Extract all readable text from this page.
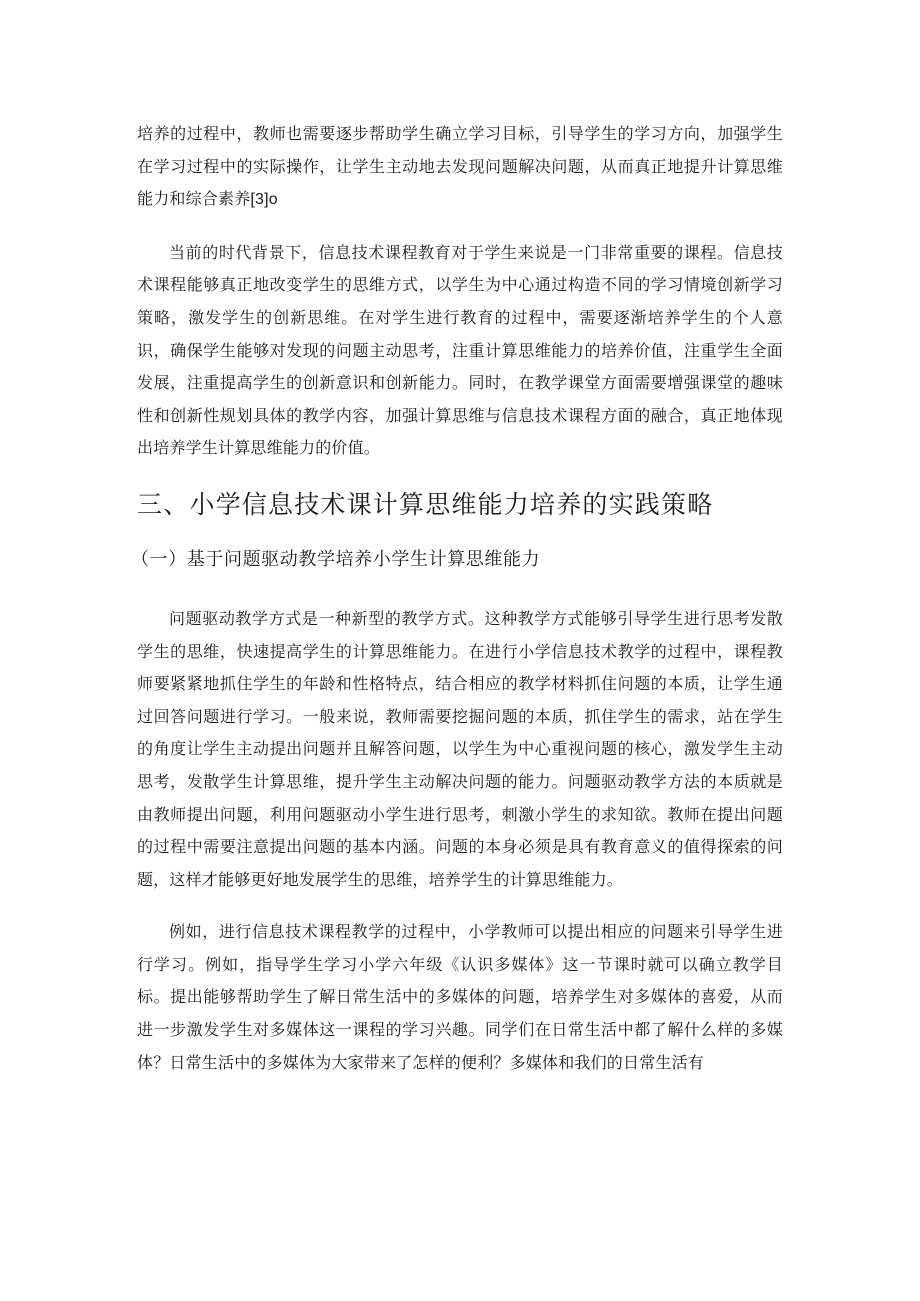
培养的过程中，教师也需要逐步帮助学生确立学习目标，引导学生的学习方向，加强学生在学习过程中的实际操作，让学生主动地去发现问题解决问题，从而真正地提升计算思维能力和综合素养[3]o

当前的时代背景下，信息技术课程教育对于学生来说是一门非常重要的课程。信息技术课程能够真正地改变学生的思维方式，以学生为中心通过构造不同的学习情境创新学习策略，激发学生的创新思维。在对学生进行教育的过程中，需要逐渐培养学生的个人意识，确保学生能够对发现的问题主动思考，注重计算思维能力的培养价值，注重学生全面发展，注重提高学生的创新意识和创新能力。同时，在教学课堂方面需要增强课堂的趣味性和创新性规划具体的教学内容，加强计算思维与信息技术课程方面的融合，真正地体现出培养学生计算思维能力的价值。

三、小学信息技术课计算思维能力培养的实践策略
（一）基于问题驱动教学培养小学生计算思维能力

问题驱动教学方式是一种新型的教学方式。这种教学方式能够引导学生进行思考发散学生的思维，快速提高学生的计算思维能力。在进行小学信息技术教学的过程中，课程教师要紧紧地抓住学生的年龄和性格特点，结合相应的教学材料抓住问题的本质，让学生通过回答问题进行学习。一般来说，教师需要挖掘问题的本质，抓住学生的需求，站在学生的角度让学生主动提出问题并且解答问题，以学生为中心重视问题的核心，激发学生主动思考，发散学生计算思维，提升学生主动解决问题的能力。问题驱动教学方法的本质就是由教师提出问题，利用问题驱动小学生进行思考，刺激小学生的求知欲。教师在提出问题的过程中需要注意提出问题的基本内涵。问题的本身必须是具有教育意义的值得探索的问题，这样才能够更好地发展学生的思维，培养学生的计算思维能力。

例如，进行信息技术课程教学的过程中，小学教师可以提出相应的问题来引导学生进行学习。例如，指导学生学习小学六年级《认识多媒体》这一节课时就可以确立教学目标。提出能够帮助学生了解日常生活中的多媒体的问题，培养学生对多媒体的喜爱，从而进一步激发学生对多媒体这一课程的学习兴趣。同学们在日常生活中都了解什么样的多媒体？日常生活中的多媒体为大家带来了怎样的便利？多媒体和我们的日常生活有
